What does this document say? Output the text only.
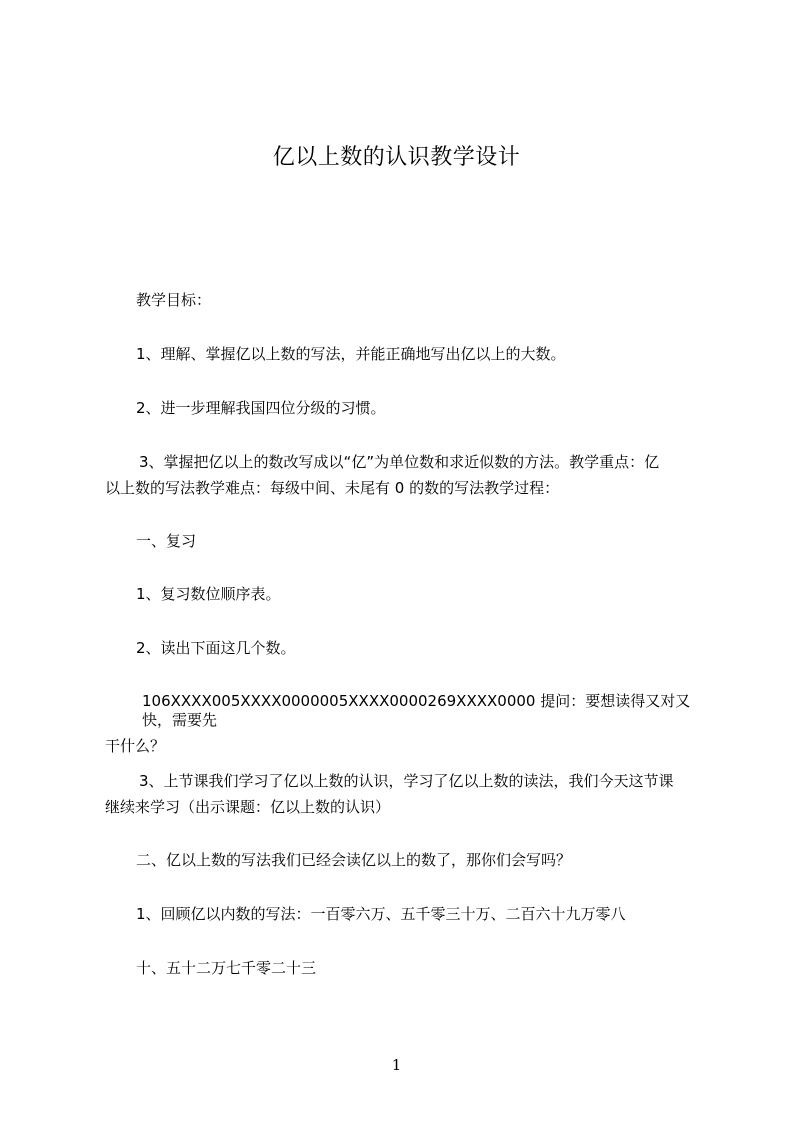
亿以上数的认识教学设计
教学目标：
1、理解、掌握亿以上数的写法，并能正确地写出亿以上的大数。
2、进一步理解我国四位分级的习惯。
3、掌握把亿以上的数改写成以“亿”为单位数和求近似数的方法。教学重点：亿
以上数的写法教学难点：每级中间、未尾有 0 的数的写法教学过程：
一、复习
1、复习数位顺序表。
2、读出下面这几个数。
106XXXX005XXXX0000005XXXX0000269XXXX0000 提问：要想读得又对又快，需要先
干什么？
3、上节课我们学习了亿以上数的认识，学习了亿以上数的读法，我们今天这节课
继续来学习（出示课题：亿以上数的认识）
二、亿以上数的写法我们已经会读亿以上的数了，那你们会写吗？
1、回顾亿以内数的写法：一百零六万、五千零三十万、二百六十九万零八
十、五十二万七千零二十三
1
